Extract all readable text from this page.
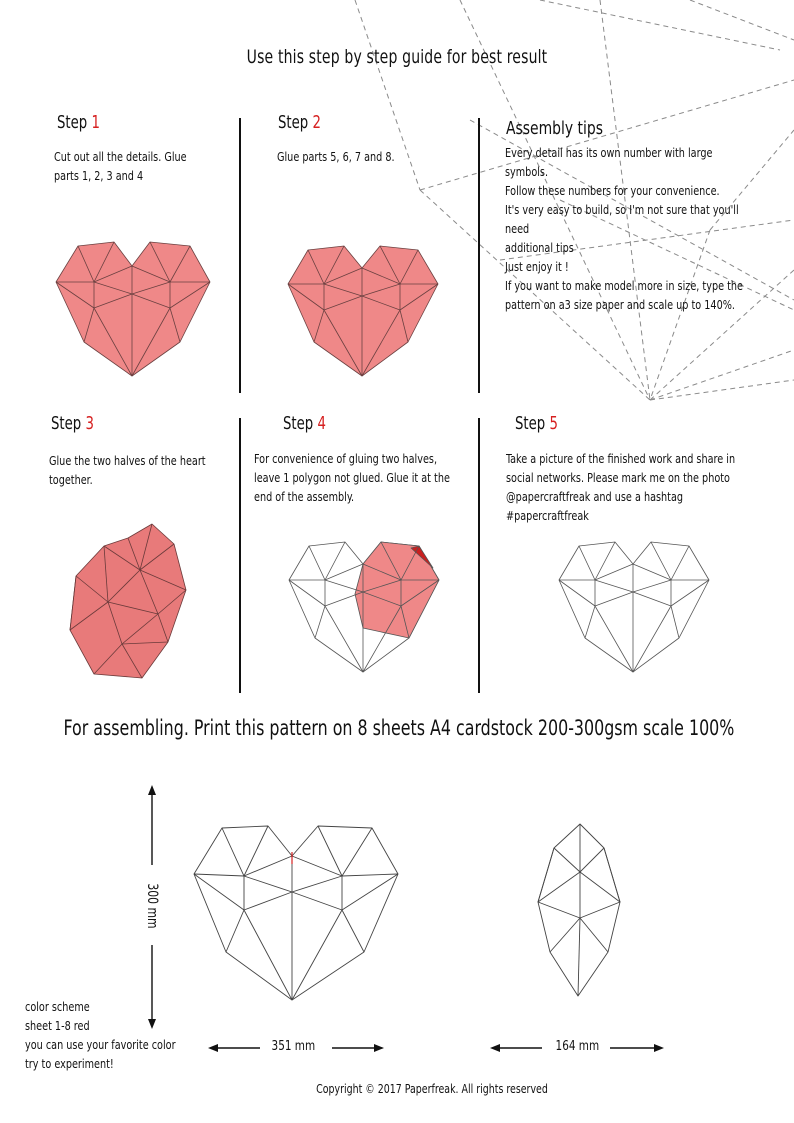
Use this step by step guide for best result
Step 1
Cut out all the details. Glue
parts 1, 2, 3 and 4
Step 2
Glue parts 5, 6, 7 and 8.
Assembly tips
Every detail has its own number with large symbols.
Follow these numbers for your convenience.
It's very easy to build, so I'm not sure that you'll need
additional tips
Just enjoy it !
If you want to make model more in size, type the
pattern on a3 size paper and scale up to 140%.
Step 3
Glue the two halves of the heart
together.
Step 4
For convenience of gluing two halves,
leave 1 polygon not glued. Glue it at the
end of the assembly.
Step 5
Take a picture of the finished work and share in
social networks. Please mark me on the photo
@papercraftfreak and use a hashtag
#papercraftfreak
For assembling. Print this pattern on 8 sheets A4 cardstock 200-300gsm scale 100%
300 mm
351 mm	164 mm
color scheme
sheet 1-8 red
you can use your favorite color
try to experiment!
Copyright © 2017 Paperfreak. All rights reserved
